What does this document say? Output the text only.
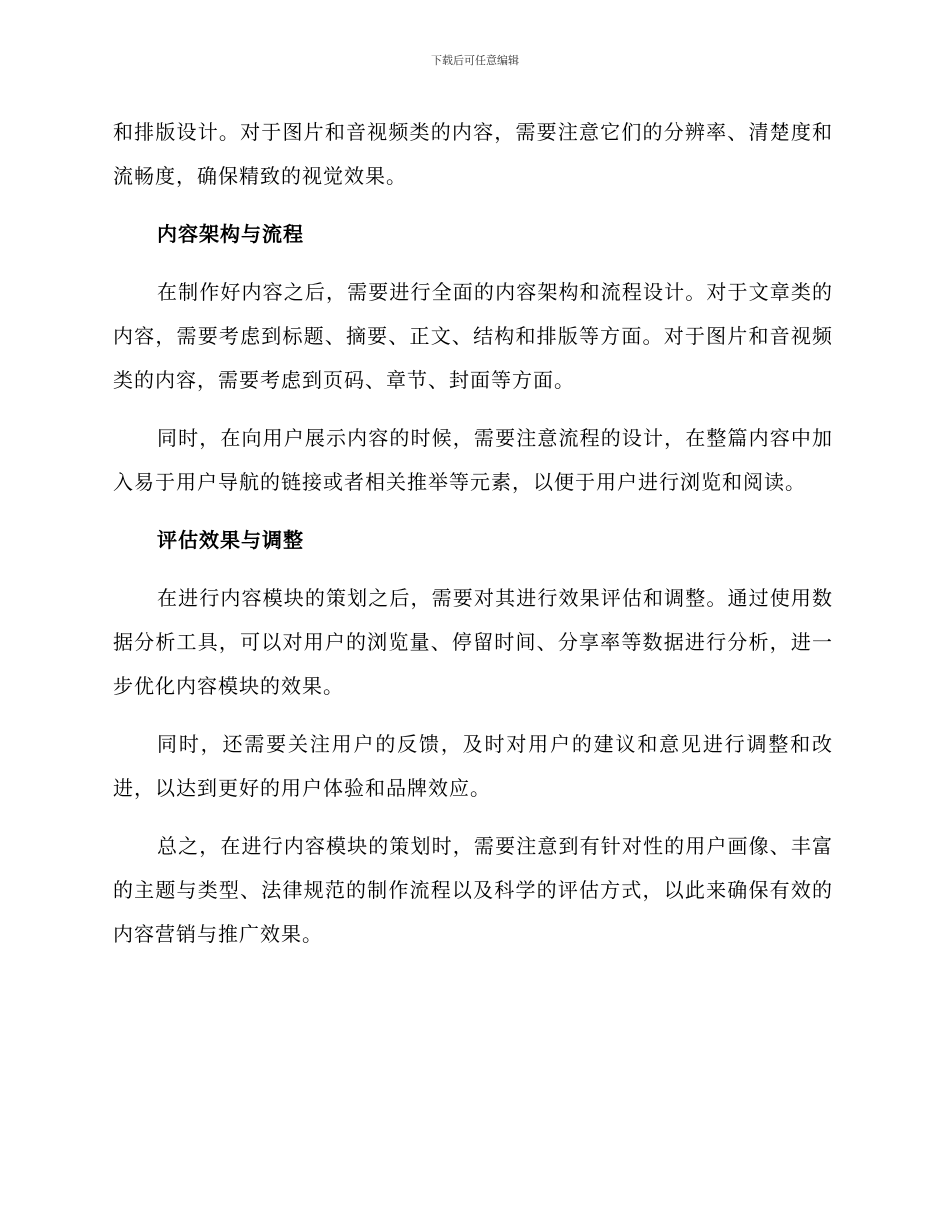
下载后可任意编辑

和排版设计。对于图片和音视频类的内容，需要注意它们的分辨率、清楚度和流畅度，确保精致的视觉效果。

内容架构与流程

在制作好内容之后，需要进行全面的内容架构和流程设计。对于文章类的内容，需要考虑到标题、摘要、正文、结构和排版等方面。对于图片和音视频类的内容，需要考虑到页码、章节、封面等方面。

同时，在向用户展示内容的时候，需要注意流程的设计，在整篇内容中加入易于用户导航的链接或者相关推举等元素，以便于用户进行浏览和阅读。

评估效果与调整

在进行内容模块的策划之后，需要对其进行效果评估和调整。通过使用数据分析工具，可以对用户的浏览量、停留时间、分享率等数据进行分析，进一步优化内容模块的效果。

同时，还需要关注用户的反馈，及时对用户的建议和意见进行调整和改进，以达到更好的用户体验和品牌效应。

总之，在进行内容模块的策划时，需要注意到有针对性的用户画像、丰富的主题与类型、法律规范的制作流程以及科学的评估方式，以此来确保有效的内容营销与推广效果。
